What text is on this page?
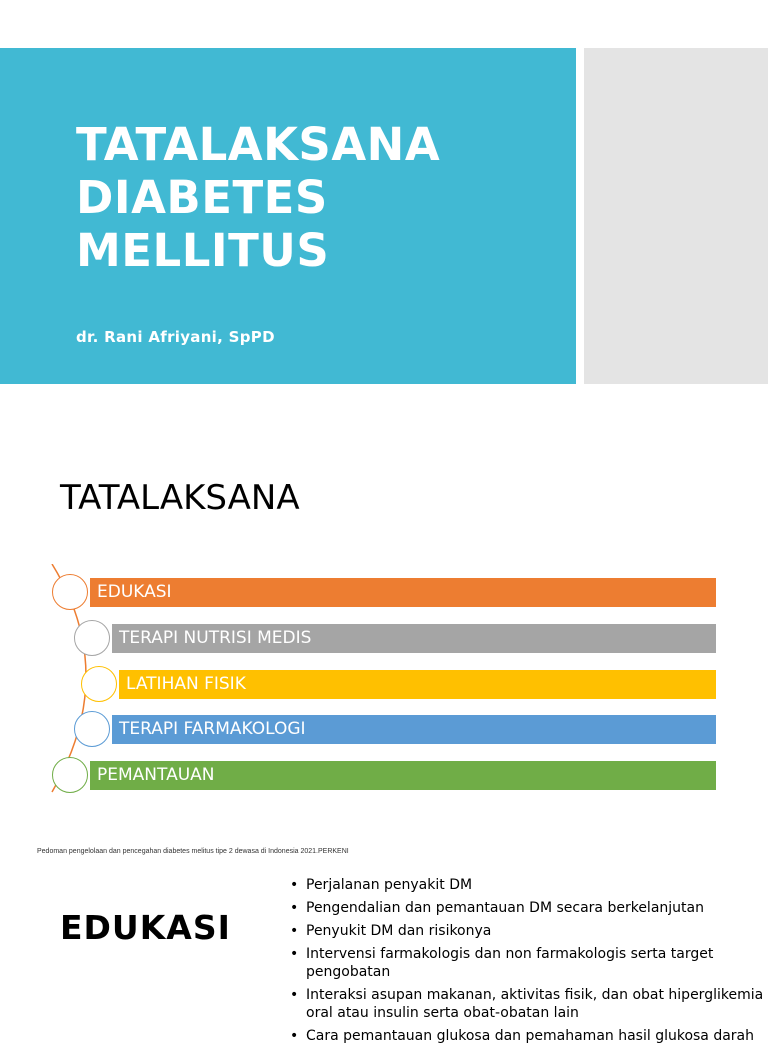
TATALAKSANA
DIABETES
MELLITUS
dr. Rani Afriyani, SpPD
TATALAKSANA
EDUKASI
TERAPI NUTRISI MEDIS
LATIHAN FISIK
TERAPI FARMAKOLOGI
PEMANTAUAN
Pedoman pengelolaan dan pencegahan diabetes melitus tipe 2 dewasa di Indonesia 2021.PERKENI
EDUKASI
• Perjalanan penyakit DM
• Pengendalian dan pemantauan DM secara berkelanjutan
• Penyukit DM dan risikonya
• Intervensi farmakologis dan non farmakologis serta target pengobatan
• Interaksi asupan makanan, aktivitas fisik, dan obat hiperglikemia oral atau insulin serta obat-obatan lain
• Cara pemantauan glukosa dan pemahaman hasil glukosa darah
